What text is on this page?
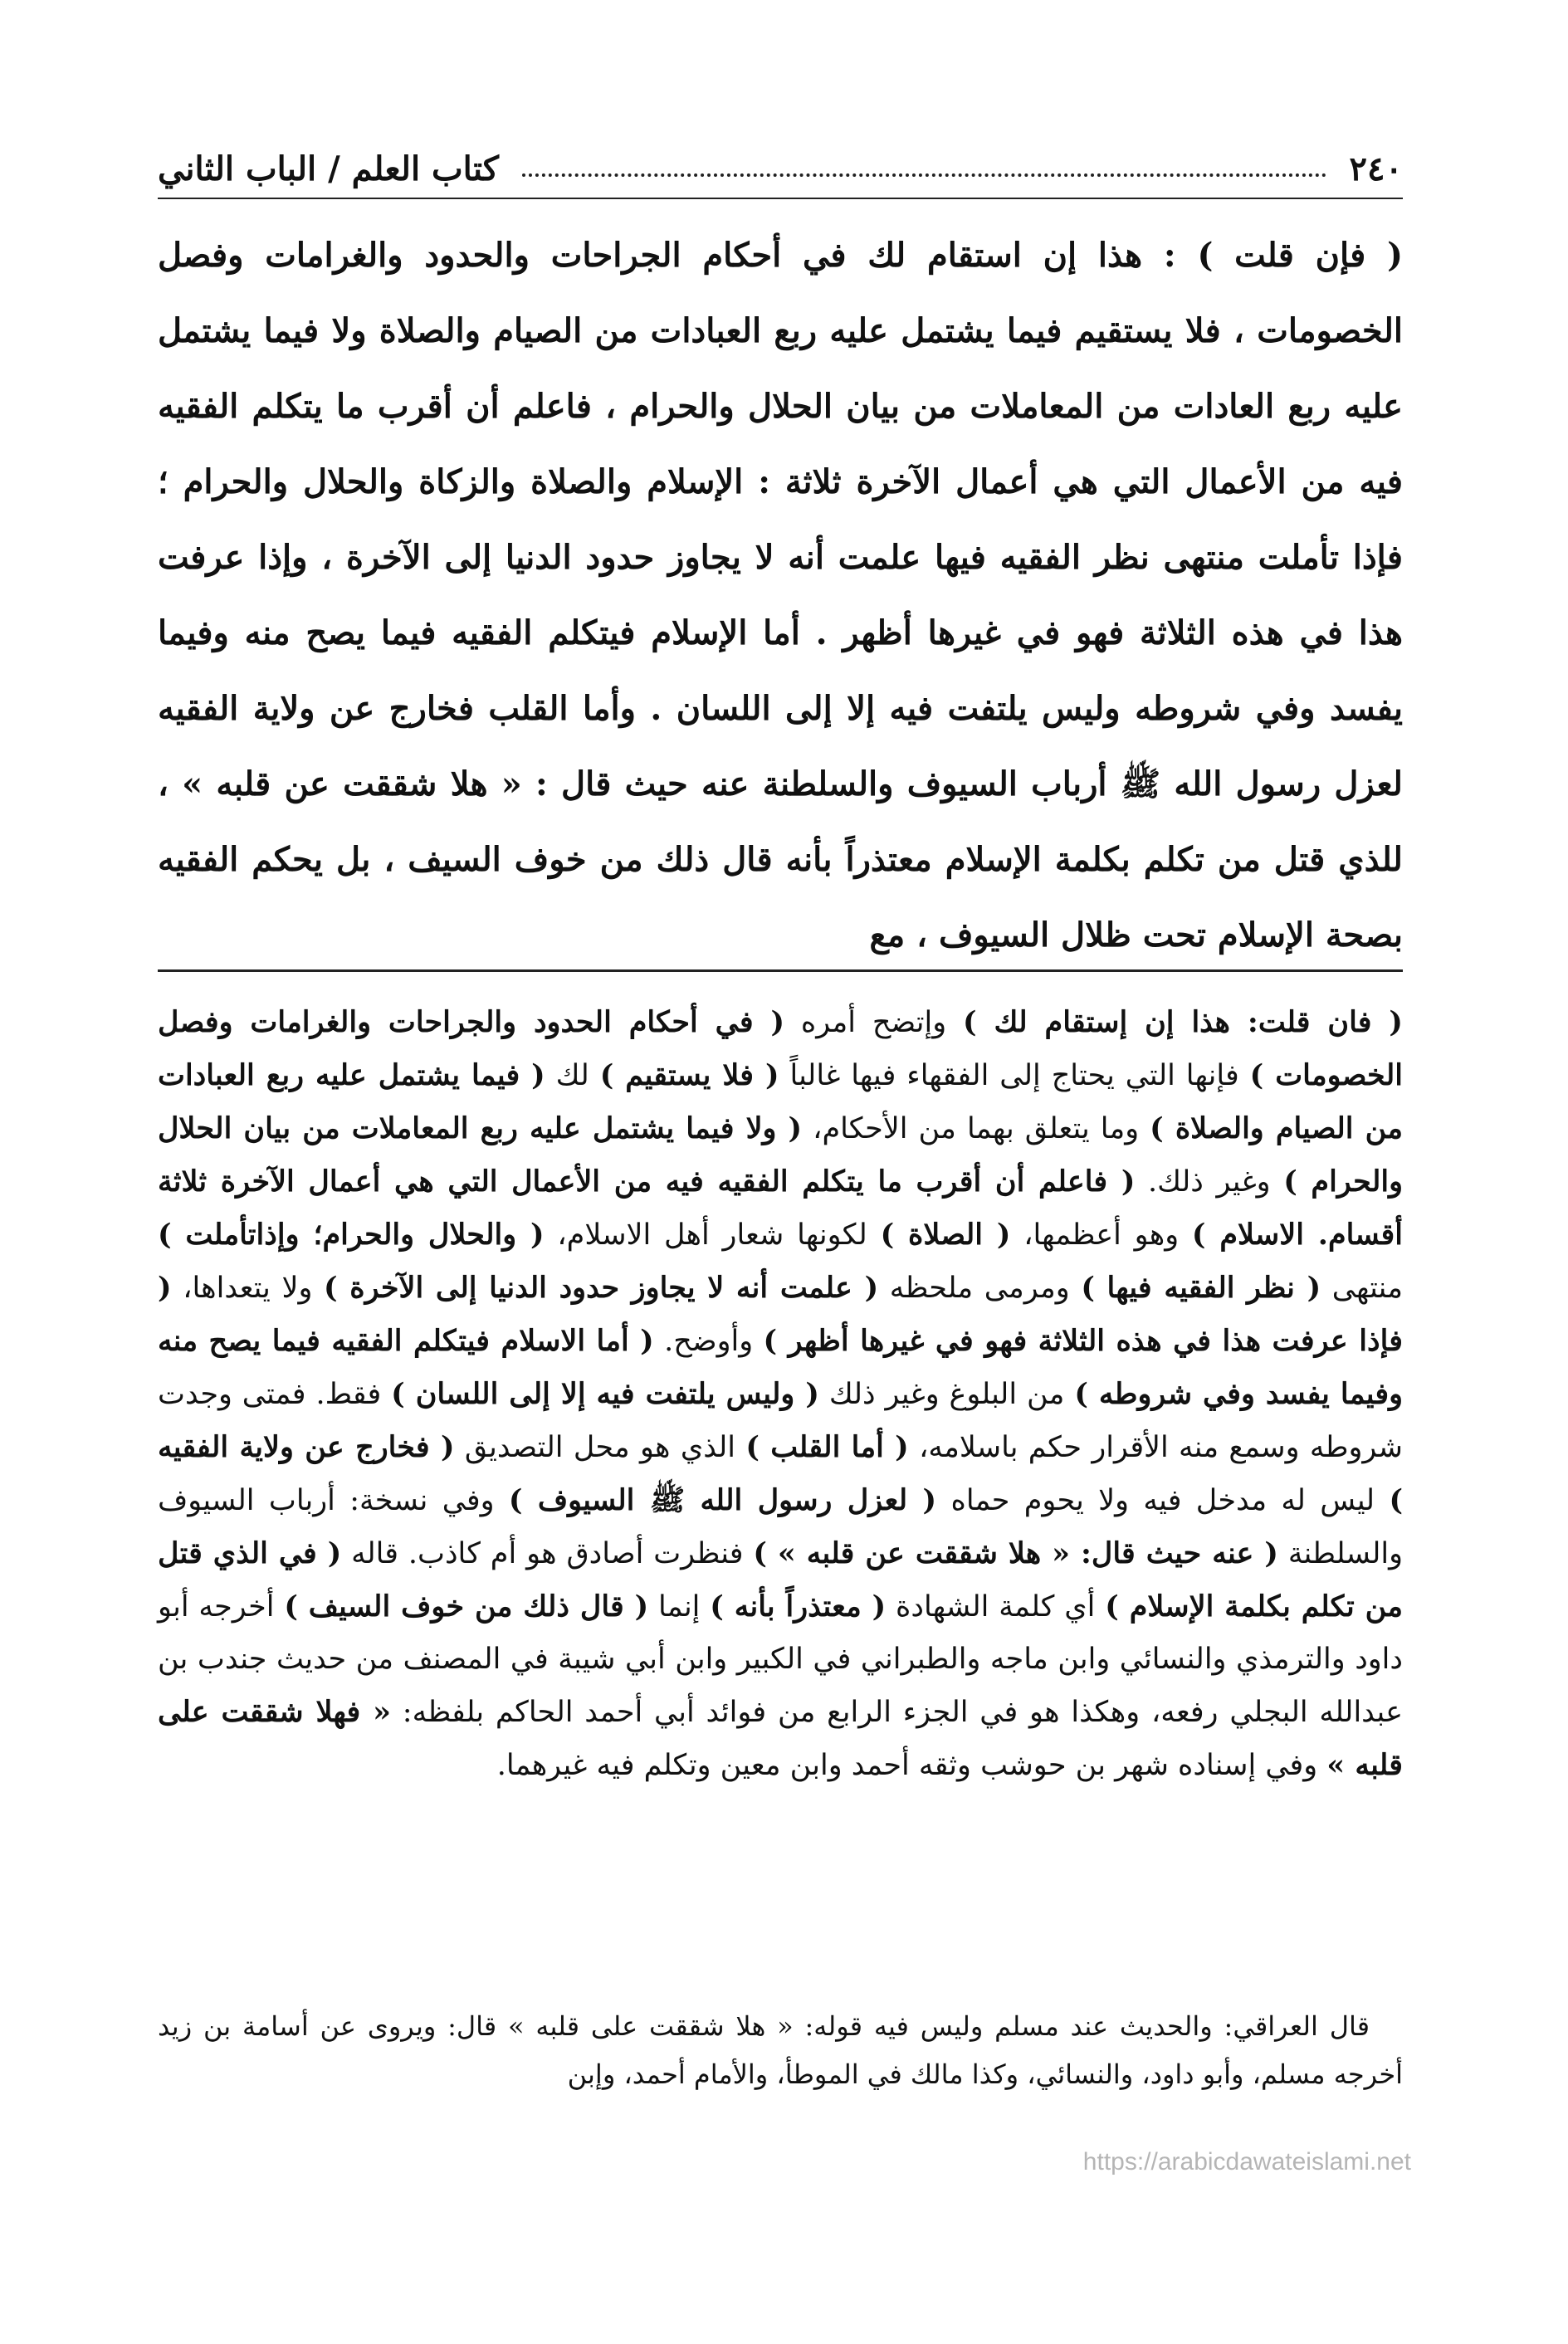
٢٤٠
كتاب العلم / الباب الثاني

( فإن قلت ) : هذا إن استقام لك في أحكام الجراحات والحدود والغرامات وفصل الخصومات ، فلا يستقيم فيما يشتمل عليه ربع العبادات من الصيام والصلاة ولا فيما يشتمل عليه ربع العادات من المعاملات من بيان الحلال والحرام ، فاعلم أن أقرب ما يتكلم الفقيه فيه من الأعمال التي هي أعمال الآخرة ثلاثة : الإسلام والصلاة والزكاة والحلال والحرام ؛ فإذا تأملت منتهى نظر الفقيه فيها علمت أنه لا يجاوز حدود الدنيا إلى الآخرة ، وإذا عرفت هذا في هذه الثلاثة فهو في غيرها أظهر . أما الإسلام فيتكلم الفقيه فيما يصح منه وفيما يفسد وفي شروطه وليس يلتفت فيه إلا إلى اللسان . وأما القلب فخارج عن ولاية الفقيه لعزل رسول الله ﷺ أرباب السيوف والسلطنة عنه حيث قال : « هلا شققت عن قلبه » ، للذي قتل من تكلم بكلمة الإسلام معتذراً بأنه قال ذلك من خوف السيف ، بل يحكم الفقيه بصحة الإسلام تحت ظلال السيوف ، مع

( فان قلت: هذا إن إستقام لك ) وإتضح أمره ( في أحكام الحدود والجراحات والغرامات وفصل الخصومات ) فإنها التي يحتاج إلى الفقهاء فيها غالباً ( فلا يستقيم ) لك ( فيما يشتمل عليه ربع العبادات من الصيام والصلاة ) وما يتعلق بهما من الأحكام، ( ولا فيما يشتمل عليه ربع المعاملات من بيان الحلال والحرام ) وغير ذلك. ( فاعلم أن أقرب ما يتكلم الفقيه فيه من الأعمال التي هي أعمال الآخرة ثلاثة أقسام. الاسلام ) وهو أعظمها، ( الصلاة ) لكونها شعار أهل الاسلام، ( والحلال والحرام؛ وإذاتأملت ) منتهى ( نظر الفقيه فيها ) ومرمى ملحظه ( علمت أنه لا يجاوز حدود الدنيا إلى الآخرة ) ولا يتعداها، ( فإذا عرفت هذا في هذه الثلاثة فهو في غيرها أظهر ) وأوضح. ( أما الاسلام فيتكلم الفقيه فيما يصح منه وفيما يفسد وفي شروطه ) من البلوغ وغير ذلك ( وليس يلتفت فيه إلا إلى اللسان ) فقط. فمتى وجدت شروطه وسمع منه الأقرار حكم باسلامه، ( أما القلب ) الذي هو محل التصديق ( فخارج عن ولاية الفقيه ) ليس له مدخل فيه ولا يحوم حماه ( لعزل رسول الله ﷺ السيوف ) وفي نسخة: أرباب السيوف والسلطنة ( عنه حيث قال: « هلا شققت عن قلبه » ) فنظرت أصادق هو أم كاذب. قاله ( في الذي قتل من تكلم بكلمة الإسلام ) أي كلمة الشهادة ( معتذراً بأنه ) إنما ( قال ذلك من خوف السيف ) أخرجه أبو داود والترمذي والنسائي وابن ماجه والطبراني في الكبير وابن أبي شيبة في المصنف من حديث جندب بن عبدالله البجلي رفعه، وهكذا هو في الجزء الرابع من فوائد أبي أحمد الحاكم بلفظه: « فهلا شققت على قلبه » وفي إسناده شهر بن حوشب وثقه أحمد وابن معين وتكلم فيه غيرهما.

قال العراقي: والحديث عند مسلم وليس فيه قوله: « هلا شققت على قلبه » قال: ويروى عن أسامة بن زيد أخرجه مسلم، وأبو داود، والنسائي، وكذا مالك في الموطأ، والأمام أحمد، وإبن

https://arabicdawateislami.net
